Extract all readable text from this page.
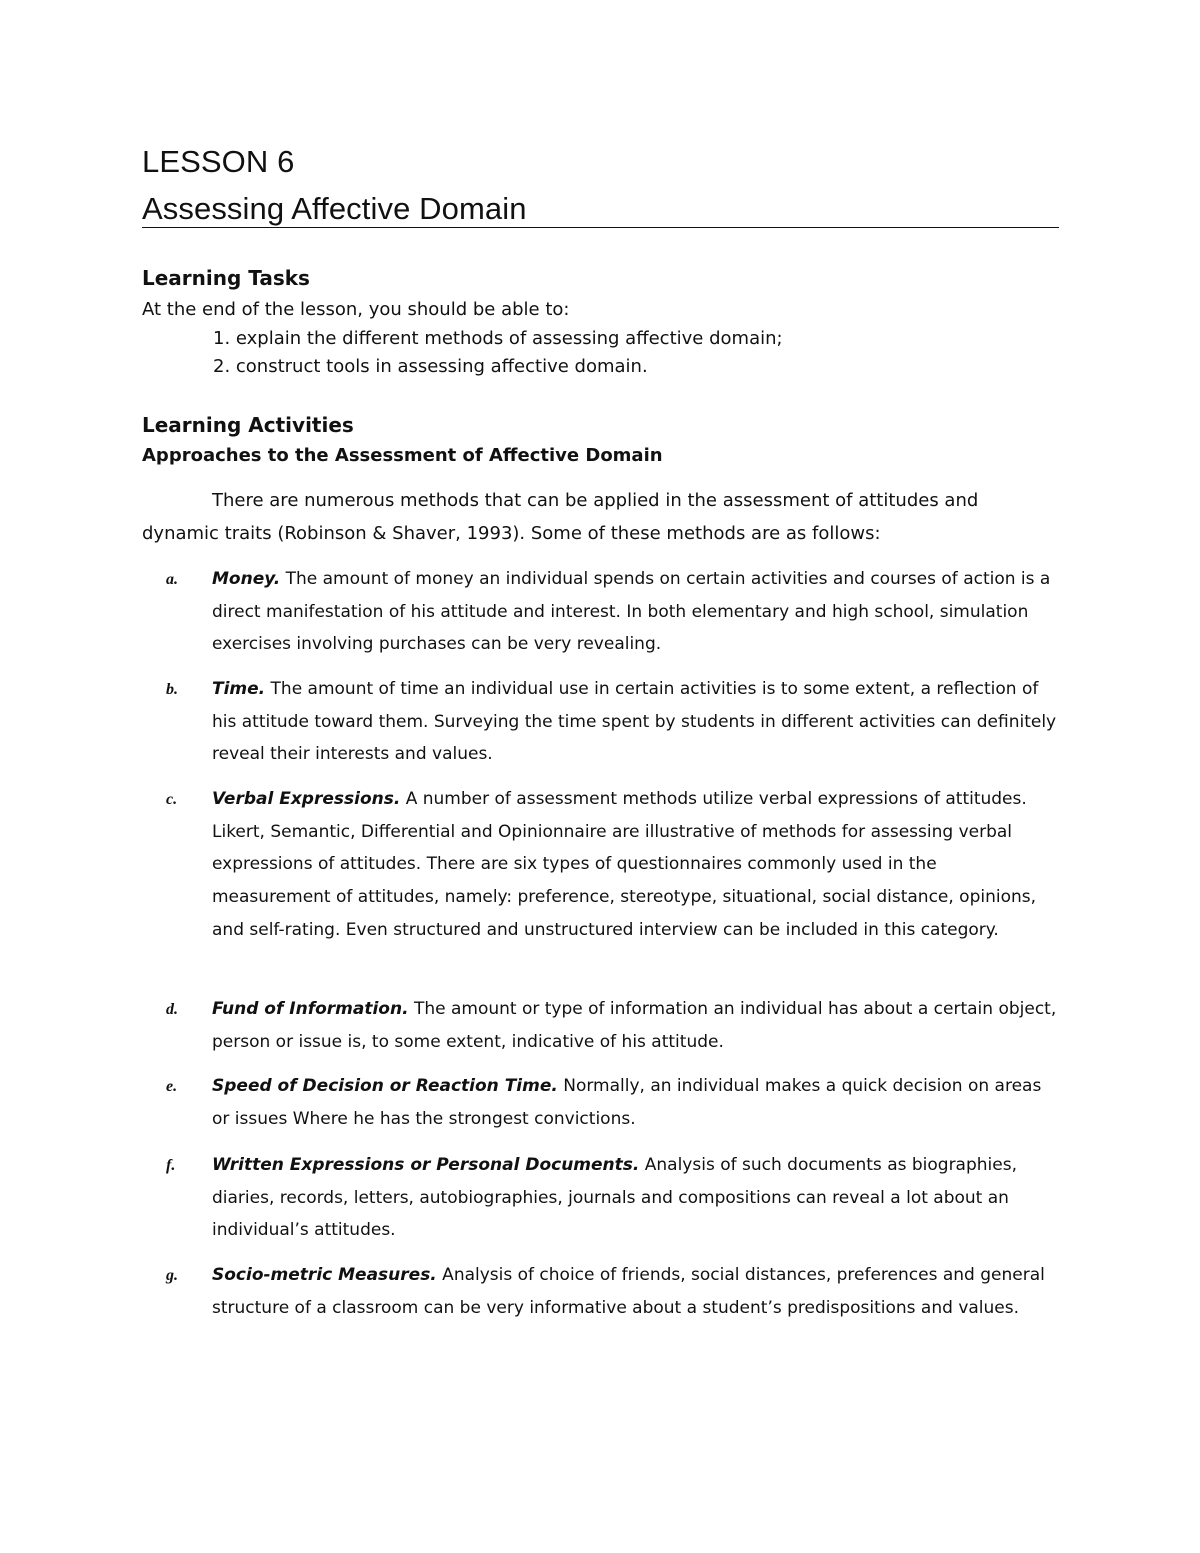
LESSON 6
Assessing Affective Domain
Learning Tasks
At the end of the lesson, you should be able to:
1. explain the different methods of assessing affective domain;
2. construct tools in assessing affective domain.
Learning Activities
Approaches to the Assessment of Affective Domain
There are numerous methods that can be applied in the assessment of attitudes and
dynamic traits (Robinson & Shaver, 1993). Some of these methods are as follows:
a.	Money. The amount of money an individual spends on certain activities and courses of action is a direct manifestation of his attitude and interest. In both elementary and high school, simulation exercises involving purchases can be very revealing.
b.	Time. The amount of time an individual use in certain activities is to some extent, a reflection of his attitude toward them. Surveying the time spent by students in different activities can definitely reveal their interests and values.
c.	Verbal Expressions. A number of assessment methods utilize verbal expressions of attitudes. Likert, Semantic, Differential and Opinionnaire are illustrative of methods for assessing verbal expressions of attitudes. There are six types of questionnaires commonly used in the measurement of attitudes, namely: preference, stereotype, situational, social distance, opinions, and self-rating. Even structured and unstructured interview can be included in this category.
d.	Fund of Information. The amount or type of information an individual has about a certain object, person or issue is, to some extent, indicative of his attitude.
e.	Speed of Decision or Reaction Time. Normally, an individual makes a quick decision on areas or issues Where he has the strongest convictions.
f.	Written Expressions or Personal Documents. Analysis of such documents as biographies, diaries, records, letters, autobiographies, journals and compositions can reveal a lot about an individual’s attitudes.
g.	Socio-metric Measures. Analysis of choice of friends, social distances, preferences and general structure of a classroom can be very informative about a student’s predispositions and values.
